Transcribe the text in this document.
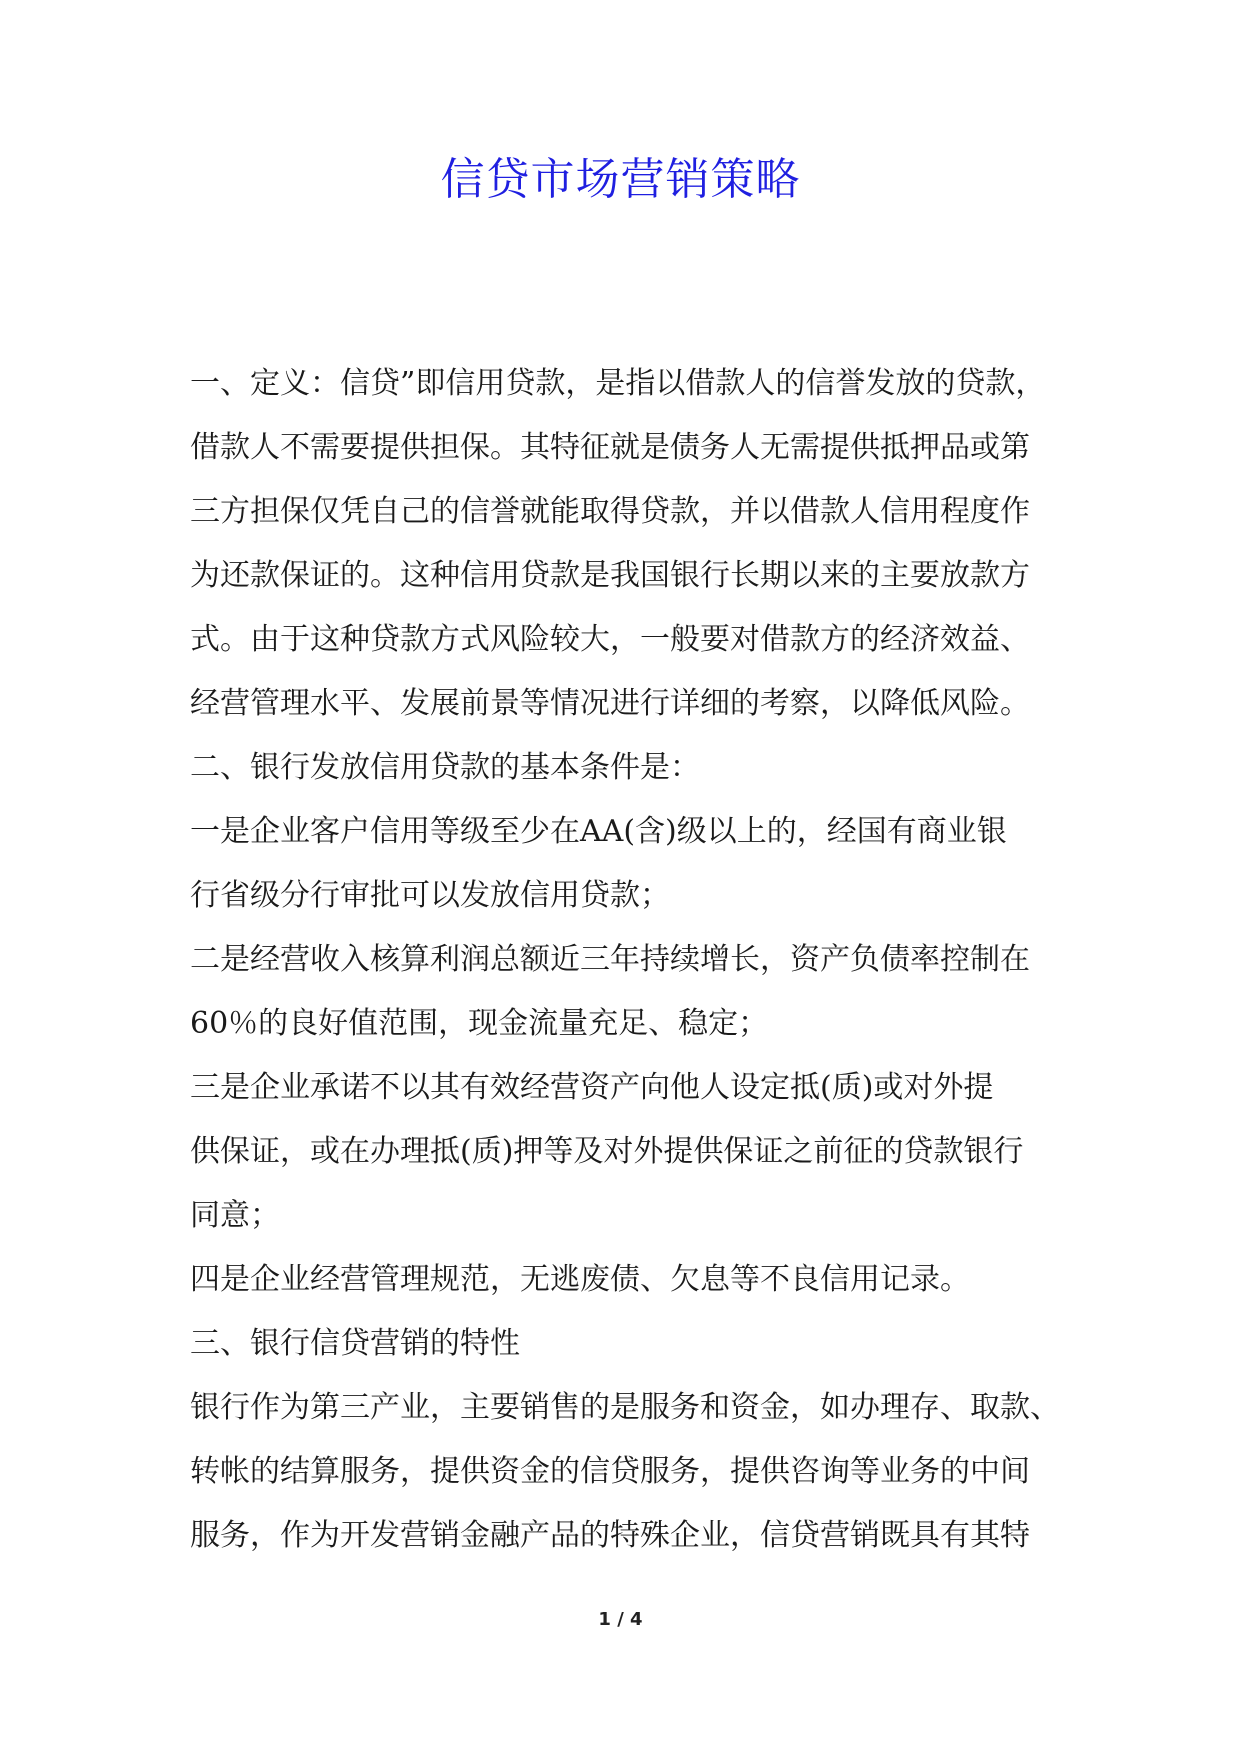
信贷市场营销策略
一、定义：信贷”即信用贷款，是指以借款人的信誉发放的贷款，
借款人不需要提供担保。其特征就是债务人无需提供抵押品或第
三方担保仅凭自己的信誉就能取得贷款，并以借款人信用程度作
为还款保证的。这种信用贷款是我国银行长期以来的主要放款方
式。由于这种贷款方式风险较大，一般要对借款方的经济效益、
经营管理水平、发展前景等情况进行详细的考察，以降低风险。
二、银行发放信用贷款的基本条件是：
一是企业客户信用等级至少在AA(含)级以上的，经国有商业银
行省级分行审批可以发放信用贷款；
二是经营收入核算利润总额近三年持续增长，资产负债率控制在
60％的良好值范围，现金流量充足、稳定；
三是企业承诺不以其有效经营资产向他人设定抵(质)或对外提
供保证，或在办理抵(质)押等及对外提供保证之前征的贷款银行
同意；
四是企业经营管理规范，无逃废债、欠息等不良信用记录。
三、银行信贷营销的特性
银行作为第三产业，主要销售的是服务和资金，如办理存、取款、
转帐的结算服务，提供资金的信贷服务，提供咨询等业务的中间
服务，作为开发营销金融产品的特殊企业，信贷营销既具有其特
1 / 4
